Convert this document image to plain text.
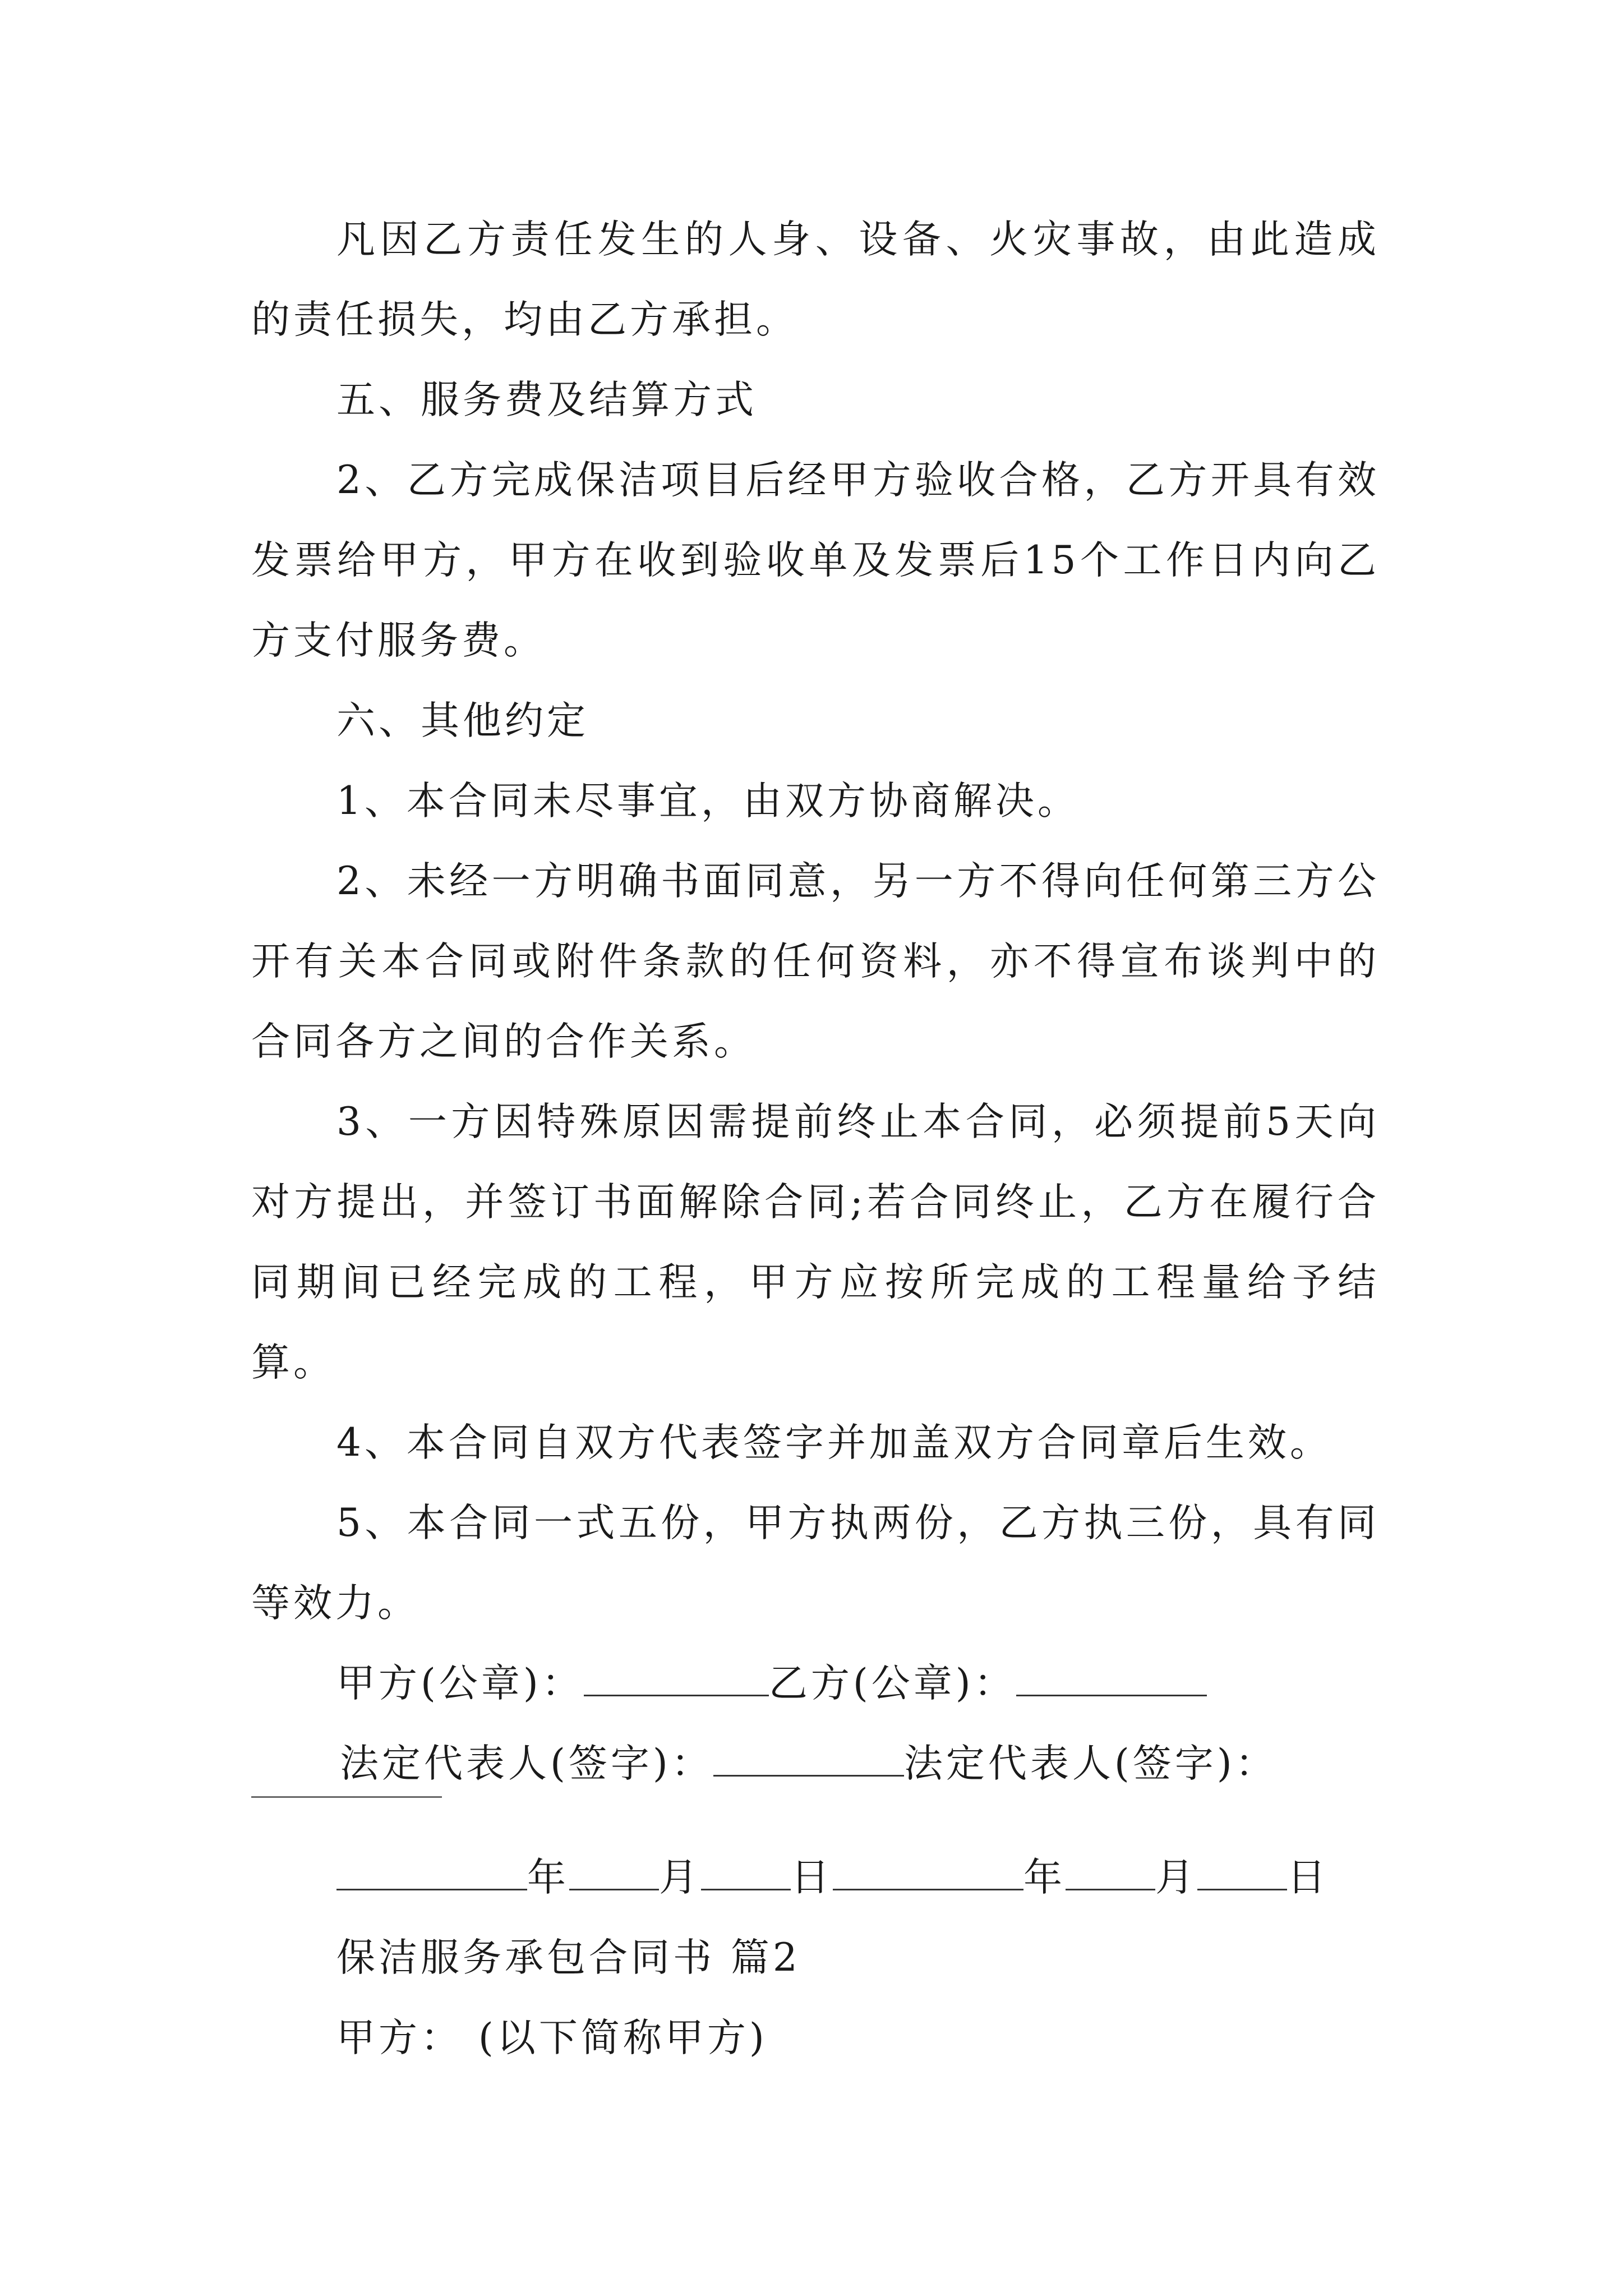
凡因乙方责任发生的人身、设备、火灾事故，由此造成的责任损失，均由乙方承担。

五、服务费及结算方式

2、乙方完成保洁项目后经甲方验收合格，乙方开具有效发票给甲方，甲方在收到验收单及发票后15个工作日内向乙方支付服务费。

六、其他约定

1、本合同未尽事宜，由双方协商解决。

2、未经一方明确书面同意，另一方不得向任何第三方公开有关本合同或附件条款的任何资料，亦不得宣布谈判中的合同各方之间的合作关系。

3、一方因特殊原因需提前终止本合同，必须提前5天向对方提出，并签订书面解除合同;若合同终止，乙方在履行合同期间已经完成的工程，甲方应按所完成的工程量给予结算。

4、本合同自双方代表签字并加盖双方合同章后生效。

5、本合同一式五份，甲方执两份，乙方执三份，具有同等效力。

甲方(公章)：	乙方(公章)：
法定代表人(签字)：	法定代表人(签字)：
年 月 日	年 月 日
保洁服务承包合同书 篇2
甲方： (以下简称甲方)
